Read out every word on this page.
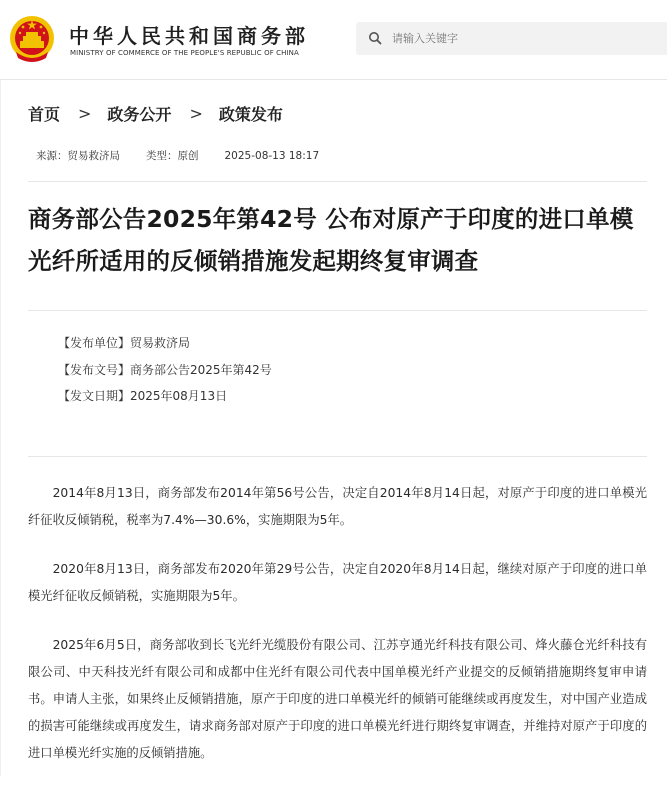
中华人民共和国商务部
MINISTRY OF COMMERCE OF THE PEOPLE'S REPUBLIC OF CHINA
请输入关键字
首页 > 政务公开 > 政策发布
来源：贸易救济局 类型：原创 2025-08-13 18:17
商务部公告2025年第42号 公布对原产于印度的进口单模光纤所适用的反倾销措施发起期终复审调查
【发布单位】贸易救济局
【发布文号】商务部公告2025年第42号
【发文日期】2025年08月13日

2014年8月13日，商务部发布2014年第56号公告，决定自2014年8月14日起，对原产于印度的进口单模光纤征收反倾销税，税率为7.4%—30.6%，实施期限为5年。

2020年8月13日，商务部发布2020年第29号公告，决定自2020年8月14日起，继续对原产于印度的进口单模光纤征收反倾销税，实施期限为5年。

2025年6月5日，商务部收到长飞光纤光缆股份有限公司、江苏亨通光纤科技有限公司、烽火藤仓光纤科技有限公司、中天科技光纤有限公司和成都中住光纤有限公司代表中国单模光纤产业提交的反倾销措施期终复审申请书。申请人主张，如果终止反倾销措施，原产于印度的进口单模光纤的倾销可能继续或再度发生，对中国产业造成的损害可能继续或再度发生，请求商务部对原产于印度的进口单模光纤进行期终复审调查，并维持对原产于印度的进口单模光纤实施的反倾销措施。
